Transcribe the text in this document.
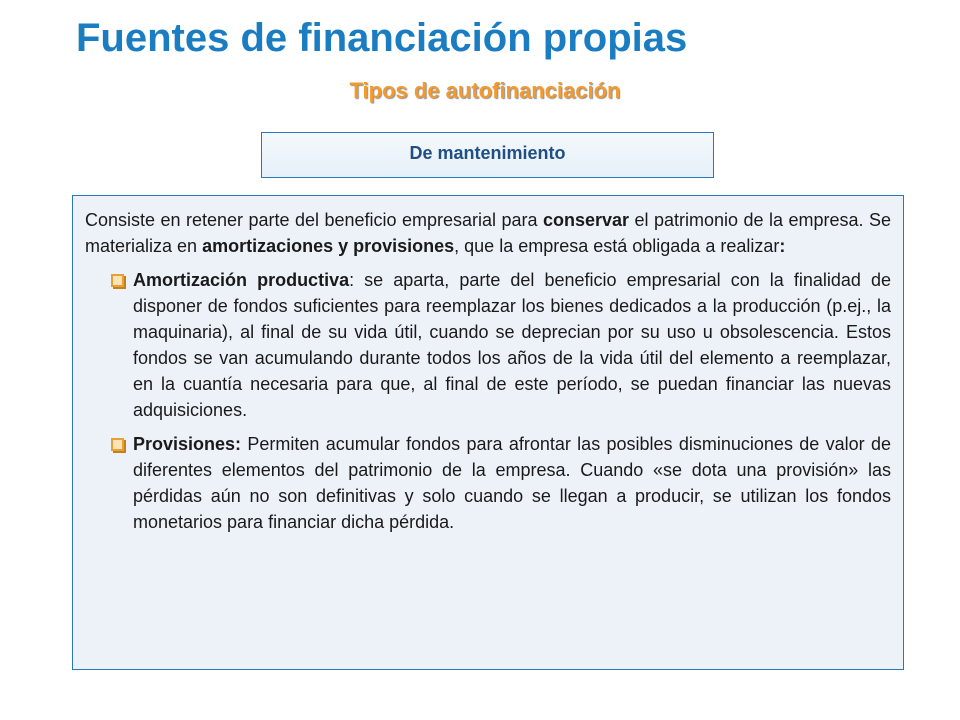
Fuentes de financiación propias
Tipos de autofinanciación
De mantenimiento

Consiste en retener parte del beneficio empresarial para conservar el patrimonio de la empresa. Se materializa en amortizaciones y provisiones, que la empresa está obligada a realizar:

Amortización productiva: se aparta, parte del beneficio empresarial con la finalidad de disponer de fondos suficientes para reemplazar los bienes dedicados a la producción (p.ej., la maquinaria), al final de su vida útil, cuando se deprecian por su uso u obsolescencia. Estos fondos se van acumulando durante todos los años de la vida útil del elemento a reemplazar, en la cuantía necesaria para que, al final de este período, se puedan financiar las nuevas adquisiciones.

Provisiones: Permiten acumular fondos para afrontar las posibles disminuciones de valor de diferentes elementos del patrimonio de la empresa. Cuando «se dota una provisión» las pérdidas aún no son definitivas y solo cuando se llegan a producir, se utilizan los fondos monetarios para financiar dicha pérdida.
